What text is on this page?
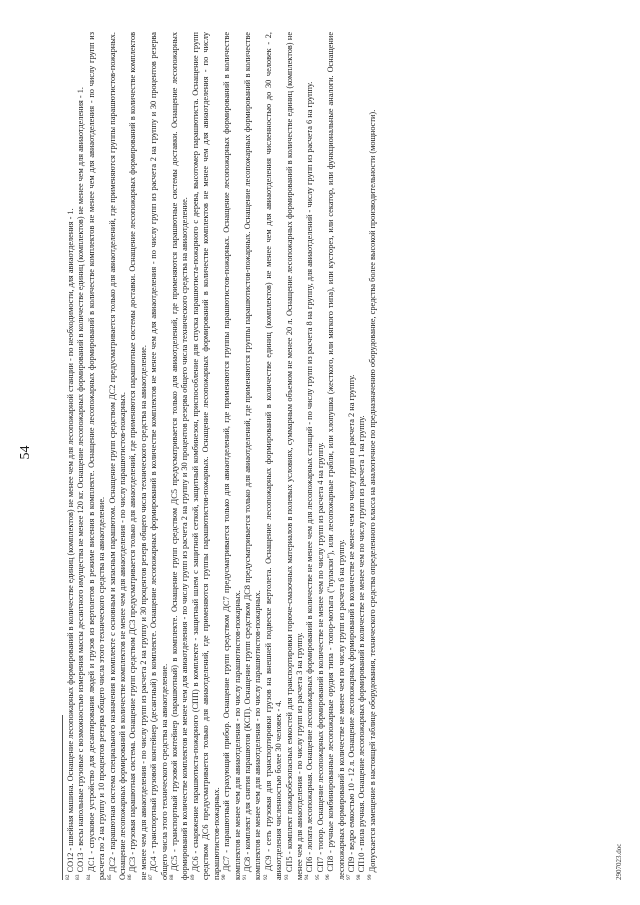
54

$^{82}$ СО12 - швейная машина. Оснащение лесопожарных формирований в количестве единиц (комплектов) не менее чем для лесопожарной станции - по необходимости, для авиаотделения - 1.

$^{83}$ СО13 - весы напольные грузовые с возможностью измерения массы десантного имущества не менее 120 кг. Оснащение лесопожарных формирований в количестве единиц (комплектов) не менее чем для авиаотделения - 1.

$^{84}$ ДС1 - спусковое устройство для десантирования людей и грузов из вертолетов в режиме висения в комплекте. Оснащение лесопожарных формирований в количестве комплектов не менее чем для авиаотделения - по числу групп из расчета по 2 на группу и 10 процентов резерва общего числа этого технического средства на авиаотделение. $^{85}$ ДС2 - парашютная система специального назначения в комплекте с основным и запасным парашютом. Оснащение групп средством ДС2 предусматривается только для авиаотделений, где применяются группы парашютистов-пожарных. Оснащение лесопожарных формирований в количестве комплектов не менее чем для авиаотделения - по числу парашютистов-пожарных. $^{86}$ ДС3 - грузовая парашютная система. Оснащение групп средством ДС3 предусматривается только для авиаотделений, где применяются парашютные системы доставки. Оснащение лесопожарных формирований в количестве комплектов не менее чем для авиаотделения - по числу групп из расчета 2 на группу и 30 процентов резерв общего числа технического средства на авиаотделение. $^{87}$ ДС4 - транспортный грузовой контейнер (десантный) в комплекте. Оснащение лесопожарных формирований в количестве комплектов не менее чем для авиаотделения - по числу групп из расчета 2 на группу и 30 процентов резерва общего числа этого технического средства на авиаотделение. $^{88}$ ДС5 - транспортный грузовой контейнер (парашютный) в комплекте. Оснащение групп средством ДС5 предусматривается только для авиаотделений, где применяются парашютные системы доставки. Оснащение лесопожарных формирований в количестве комплектов не менее чем для авиаотделения - по числу групп из расчета 2 на группу и 30 процентов резерва общего числа технического средства на авиаотделение. $^{89}$ ДС6 - снаряжение парашютиста-пожарного (СПП) в комплекте - защитный шлем с защитной сеткой, защитный комбинезон, приспособление для спуска парашютиста-пожарного с дерева, высотомер парашютиста. Оснащение групп средством ДС6 предусматривается только для авиаотделений, где применяются группы парашютистов-пожарных. Оснащение лесопожарных формирований в количестве комплектов не менее чем для авиаотделения - по числу парашютистов-пожарных. $^{90}$ ДС7 - парашютный страхующий прибор. Оснащение групп средством ДС7 предусматривается только для авиаотделений, где применяются группы парашютистов-пожарных. Оснащение лесопожарных формирований в количестве комплектов не менее чем для авиаотделения - по числу парашютистов-пожарных. $^{91}$ ДС8 - комплект для снятия парашютов (КСП). Оснащение групп средством ДС8 предусматривается только для авиаотделений, где применяются группы парашютистов-пожарных. Оснащение лесопожарных формирований в количестве комплектов не менее чем для авиаотделения - по числу парашютистов-пожарных. $^{92}$ ДС9 - сеть грузовая для транспортировки грузов на внешней подвеске вертолета. Оснащение лесопожарных формирований в количестве единиц (комплектов) не менее чем для авиаотделения численностью до 30 человек - 2, авиаотделения численностью более 30 человек - 4. $^{93}$ СП5 - комплект пожаробезопасных емкостей для транспортировки горюче-смазочных материалов в полевых условиях, суммарным объемом не менее 20 л. Оснащение лесопожарных формирований в количестве единиц (комплектов) не менее чем для авиаотделения - по числу групп из расчета 3 на группу. $^{94}$ СП6 - лопата лесопожарная. Оснащение лесопожарных формирований в количестве не менее чем для лесопожарных станций - по числу групп из расчета 8 на группу, для авиаотделений - числу групп из расчета 6 на группу.

$^{95}$ СП7 - топор. Оснащение лесопожарных формирований в количестве не менее чем по числу групп из расчета 4 на группу.

$^{96}$ СП8 - ручные комбинированные лесопожарные орудия типа - топор-мотыга ("пуласки"), или лесопожарные грабли, или хлопушка (жесткого, или мягкого типа), или кусторез, или секатор, или функциональные аналоги. Оснащение лесопожарных формирований в количестве не менее чем по числу групп из расчета 6 на группу. $^{97}$ СП9 - ведро емкостью 10 - 12 л. Оснащение лесопожарных формирований в количестве не менее чем по числу групп из расчета 2 на группу.

$^{98}$ СП10 - пила ручная. Оснащение лесопожарных формирований в количестве не менее чем по числу групп из расчета 1 на группу.

$^{99}$ Допускается замещение в настоящей таблице оборудования, технического средства определенного класса на аналогичное по предназначению оборудование, средства более высокой производительности (мощности).	2907023.doc
